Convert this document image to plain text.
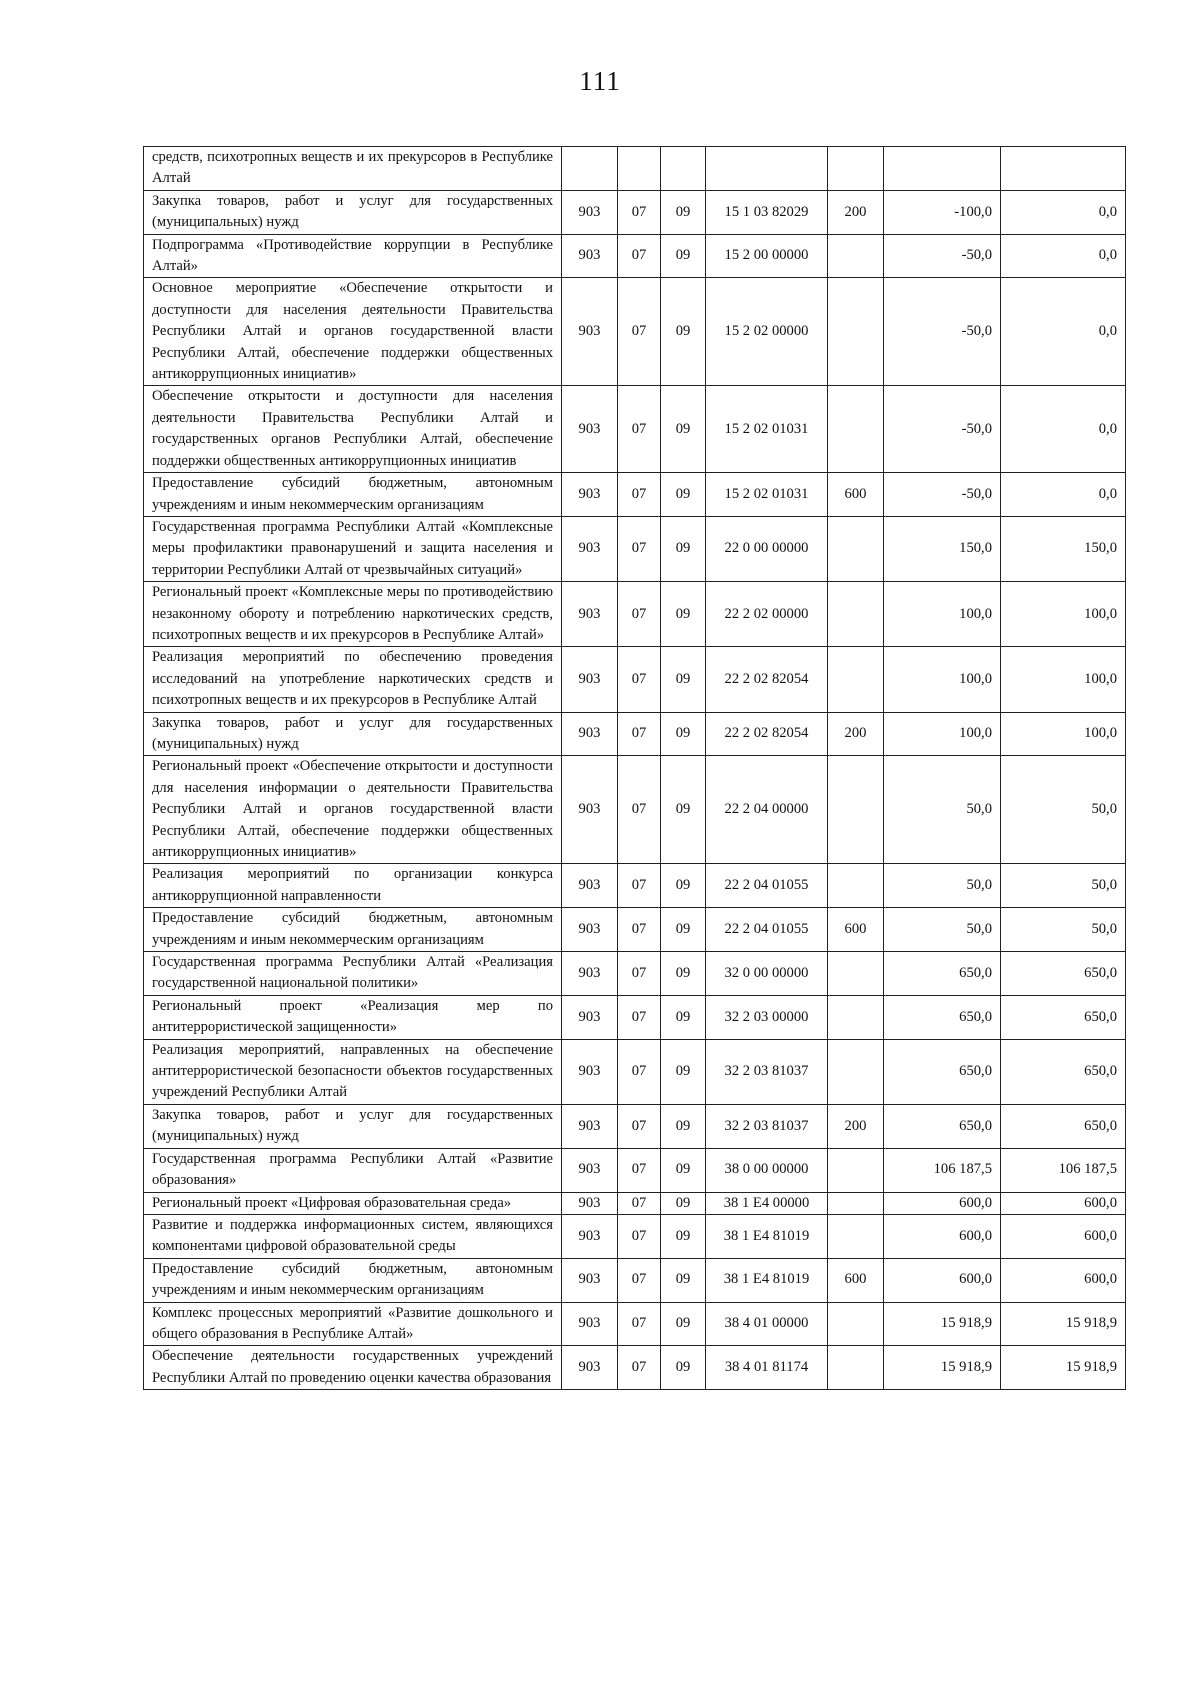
111
средств, психотропных веществ и их прекурсоров в Республике Алтай							
Закупка товаров, работ и услуг для государственных (муниципальных) нужд	903	07	09	15 1 03 82029	200	-100,0	0,0
Подпрограмма «Противодействие коррупции в Республике Алтай»	903	07	09	15 2 00 00000		-50,0	0,0
Основное мероприятие «Обеспечение открытости и доступности для населения деятельности Правительства Республики Алтай и органов государственной власти Республики Алтай, обеспечение поддержки общественных антикоррупционных инициатив»	903	07	09	15 2 02 00000		-50,0	0,0
Обеспечение открытости и доступности для населения деятельности Правительства Республики Алтай и государственных органов Республики Алтай, обеспечение поддержки общественных антикоррупционных инициатив	903	07	09	15 2 02 01031		-50,0	0,0
Предоставление субсидий бюджетным, автономным учреждениям и иным некоммерческим организациям	903	07	09	15 2 02 01031	600	-50,0	0,0
Государственная программа Республики Алтай «Комплексные меры профилактики правонарушений и защита населения и территории Республики Алтай от чрезвычайных ситуаций»	903	07	09	22 0 00 00000		150,0	150,0
Региональный проект «Комплексные меры по противодействию незаконному обороту и потреблению наркотических средств, психотропных веществ и их прекурсоров в Республике Алтай»	903	07	09	22 2 02 00000		100,0	100,0
Реализация мероприятий по обеспечению проведения исследований на употребление наркотических средств и психотропных веществ и их прекурсоров в Республике Алтай	903	07	09	22 2 02 82054		100,0	100,0
Закупка товаров, работ и услуг для государственных (муниципальных) нужд	903	07	09	22 2 02 82054	200	100,0	100,0
Региональный проект «Обеспечение открытости и доступности для населения информации о деятельности Правительства Республики Алтай и органов государственной власти Республики Алтай, обеспечение поддержки общественных антикоррупционных инициатив»	903	07	09	22 2 04 00000		50,0	50,0
Реализация мероприятий по организации конкурса антикоррупционной направленности	903	07	09	22 2 04 01055		50,0	50,0
Предоставление субсидий бюджетным, автономным учреждениям и иным некоммерческим организациям	903	07	09	22 2 04 01055	600	50,0	50,0
Государственная программа Республики Алтай «Реализация государственной национальной политики»	903	07	09	32 0 00 00000		650,0	650,0
Региональный проект «Реализация мер по антитеррористической защищенности»	903	07	09	32 2 03 00000		650,0	650,0
Реализация мероприятий, направленных на обеспечение антитеррористической безопасности объектов государственных учреждений Республики Алтай	903	07	09	32 2 03 81037		650,0	650,0
Закупка товаров, работ и услуг для государственных (муниципальных) нужд	903	07	09	32 2 03 81037	200	650,0	650,0
Государственная программа Республики Алтай «Развитие образования»	903	07	09	38 0 00 00000		106 187,5	106 187,5
Региональный проект «Цифровая образовательная среда»	903	07	09	38 1 E4 00000		600,0	600,0
Развитие и поддержка информационных систем, являющихся компонентами цифровой образовательной среды	903	07	09	38 1 E4 81019		600,0	600,0
Предоставление субсидий бюджетным, автономным учреждениям и иным некоммерческим организациям	903	07	09	38 1 E4 81019	600	600,0	600,0
Комплекс процессных мероприятий «Развитие дошкольного и общего образования в Республике Алтай»	903	07	09	38 4 01 00000		15 918,9	15 918,9
Обеспечение деятельности государственных учреждений Республики Алтай по проведению оценки качества образования	903	07	09	38 4 01 81174		15 918,9	15 918,9
